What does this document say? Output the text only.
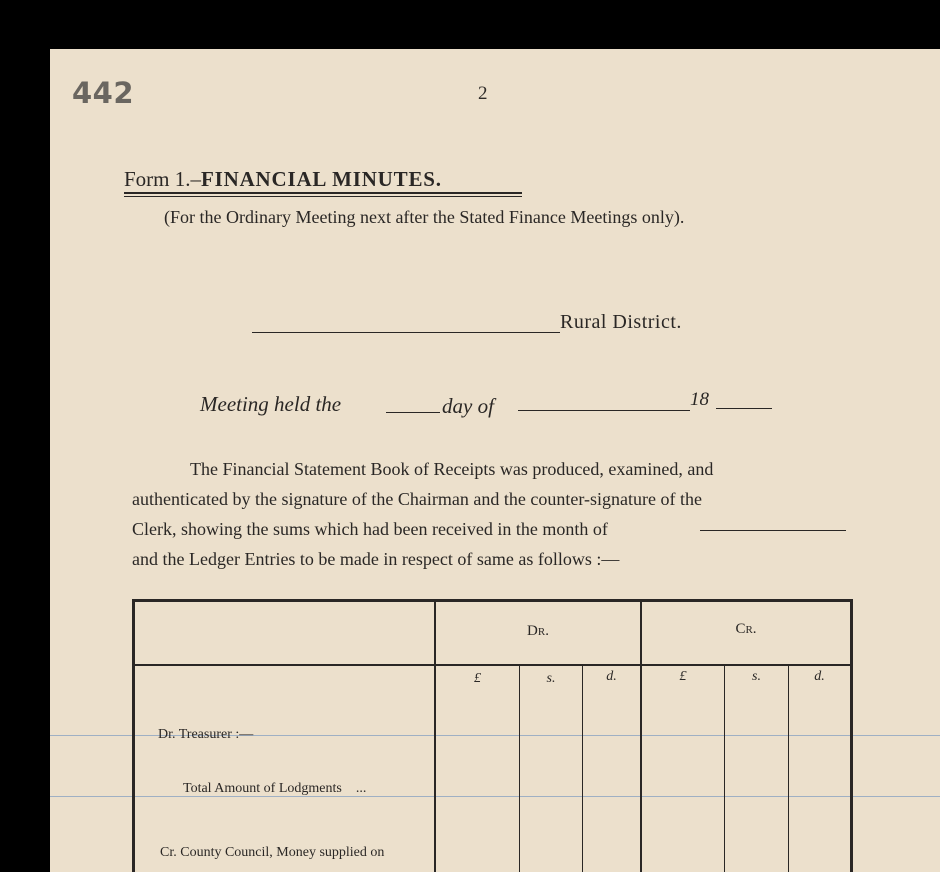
442	2
Form 1.–FINANCIAL MINUTES.
(For the Ordinary Meeting next after the Stated Finance Meetings only).
Rural District.
Meeting held the	day of	18
The Financial Statement Book of Receipts was produced, examined, and
authenticated by the signature of the Chairman and the counter-signature of the
Clerk, showing the sums which had been received in the month of
and the Ledger Entries to be made in respect of same as follows :—
Dr.	Cr.
£	s.	d.	£	s.	d.
Dr. Treasurer :—
Total Amount of Lodgments    ...
Cr. County Council, Money supplied on
